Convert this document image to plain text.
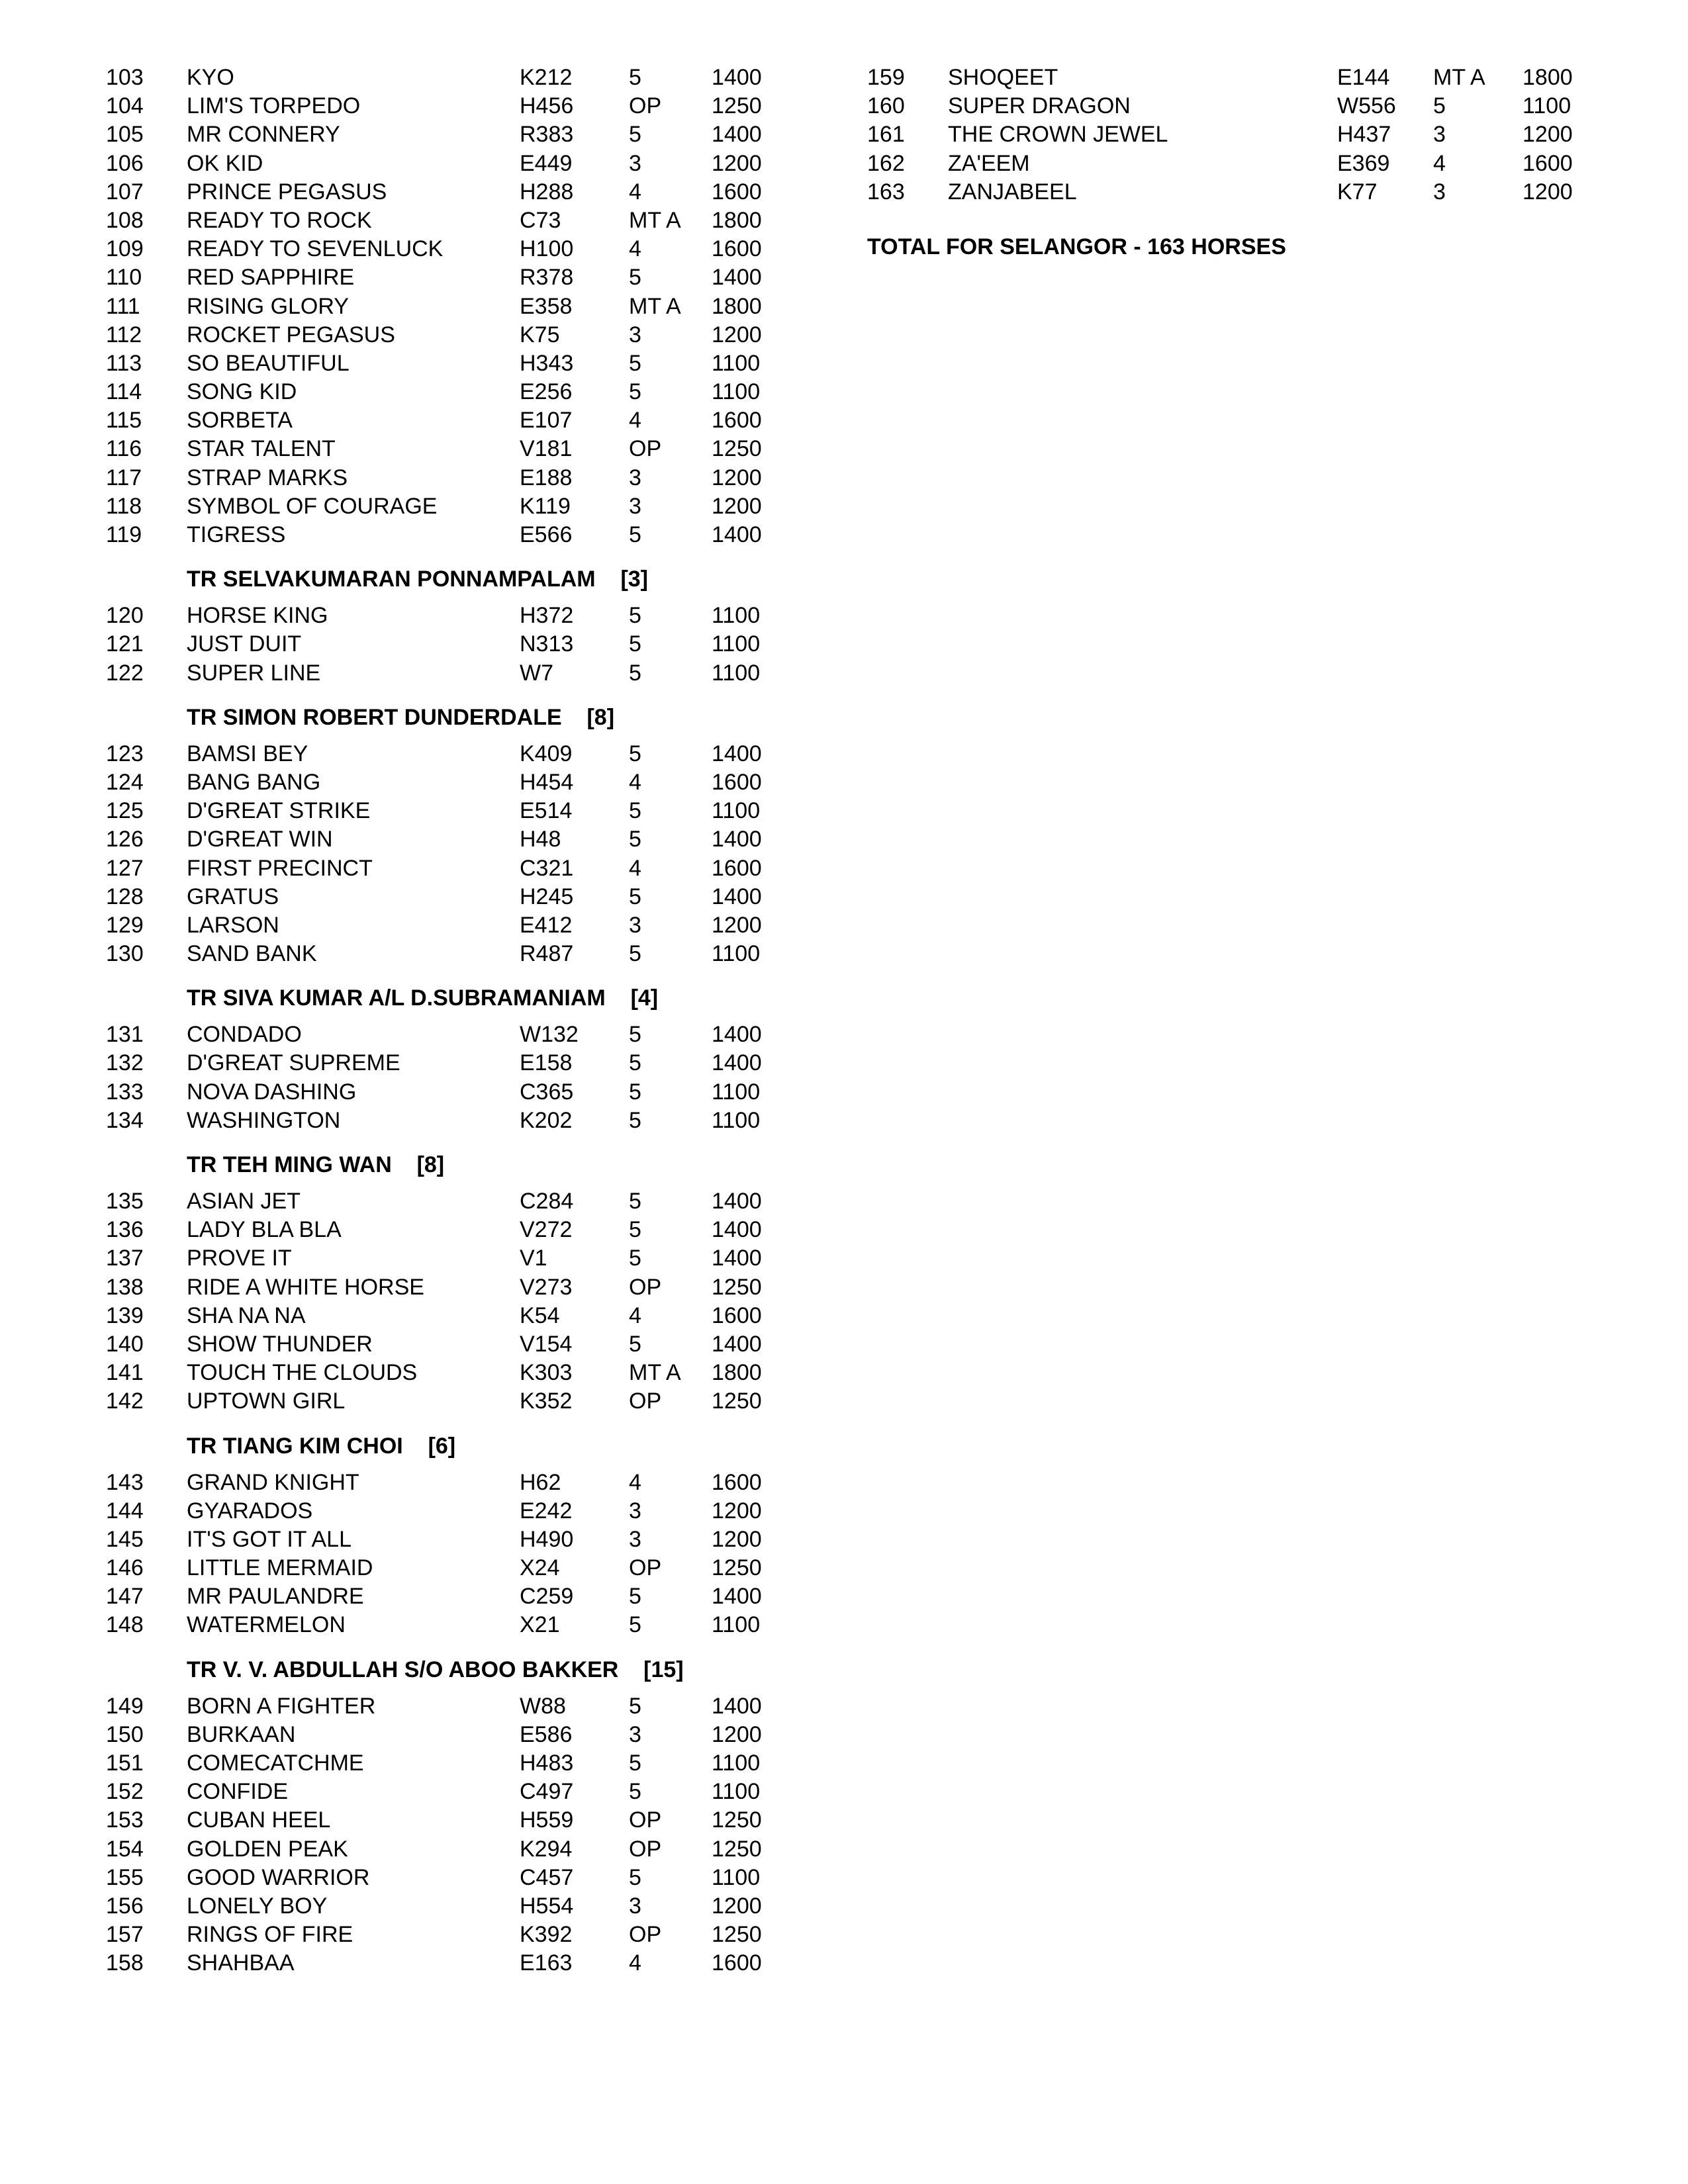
103 KYO	K212	5	1400
104 LIM'S TORPEDO	H456 OP 1250
105 MR CONNERY	R383 5	1400
106 OK KID	E449	3	1200
107 PRINCE PEGASUS	H288 4	1600
108 READY TO ROCK	C73	MT A 1800
109 READY TO SEVENLUCK	H100 4	1600
110 RED SAPPHIRE	R378 5	1400
111 RISING GLORY	E358	MT A 1800
112 ROCKET PEGASUS	K75	3	1200
113 SO BEAUTIFUL	H343 5	1100
114 SONG KID	E256	5	1100
115 SORBETA	E107	4	1600
116 STAR TALENT	V181	OP 1250
117 STRAP MARKS	E188	3	1200
118 SYMBOL OF COURAGE	K119	3	1200
119 TIGRESS	E566	5	1400
TR SELVAKUMARAN PONNAMPALAM [3]
120 HORSE KING	H372 5	1100
121 JUST DUIT	N313 5	1100
122 SUPER LINE	W7	5	1100
TR SIMON ROBERT DUNDERDALE [8]
123 BAMSI BEY	K409	5	1400
124 BANG BANG	H454 4	1600
125 D'GREAT STRIKE	E514	5	1100
126 D'GREAT WIN	H48	5	1400
127 FIRST PRECINCT	C321 4	1600
128 GRATUS	H245 5	1400
129 LARSON	E412	3	1200
130 SAND BANK	R487 5	1100
TR SIVA KUMAR A/L D.SUBRAMANIAM [4]
131 CONDADO	W132 5	1400
132 D'GREAT SUPREME	E158	5	1400
133 NOVA DASHING	C365 5	1100
134 WASHINGTON	K202	5	1100
TR TEH MING WAN [8]
135 ASIAN JET	C284 5	1400
136 LADY BLA BLA	V272	5	1400
137 PROVE IT	V1	5	1400
138 RIDE A WHITE HORSE	V273	OP 1250
139 SHA NA NA	K54	4	1600
140 SHOW THUNDER	V154	5	1400
141 TOUCH THE CLOUDS	K303	MT A 1800
142 UPTOWN GIRL	K352	OP 1250
TR TIANG KIM CHOI [6]
143 GRAND KNIGHT	H62	4	1600
144 GYARADOS	E242	3	1200
145 IT'S GOT IT ALL	H490 3	1200
146 LITTLE MERMAID	X24	OP 1250
147 MR PAULANDRE	C259 5	1400
148 WATERMELON	X21	5	1100
TR V. V. ABDULLAH S/O ABOO BAKKER [15]
149 BORN A FIGHTER	W88	5	1400
150 BURKAAN	E586	3	1200
151 COMECATCHME	H483 5	1100
152 CONFIDE	C497 5	1100
153 CUBAN HEEL	H559 OP 1250
154 GOLDEN PEAK	K294	OP 1250
155 GOOD WARRIOR	C457 5	1100
156 LONELY BOY	H554 3	1200
157 RINGS OF FIRE	K392	OP 1250
158 SHAHBAA	E163	4	1600
159 SHOQEET	E144 MT A 1800
160 SUPER DRAGON	W556 5	1100
161 THE CROWN JEWEL	H437 3	1200
162 ZA'EEM	E369 4	1600
163 ZANJABEEL	K77 3	1200
TOTAL FOR SELANGOR - 163 HORSES
